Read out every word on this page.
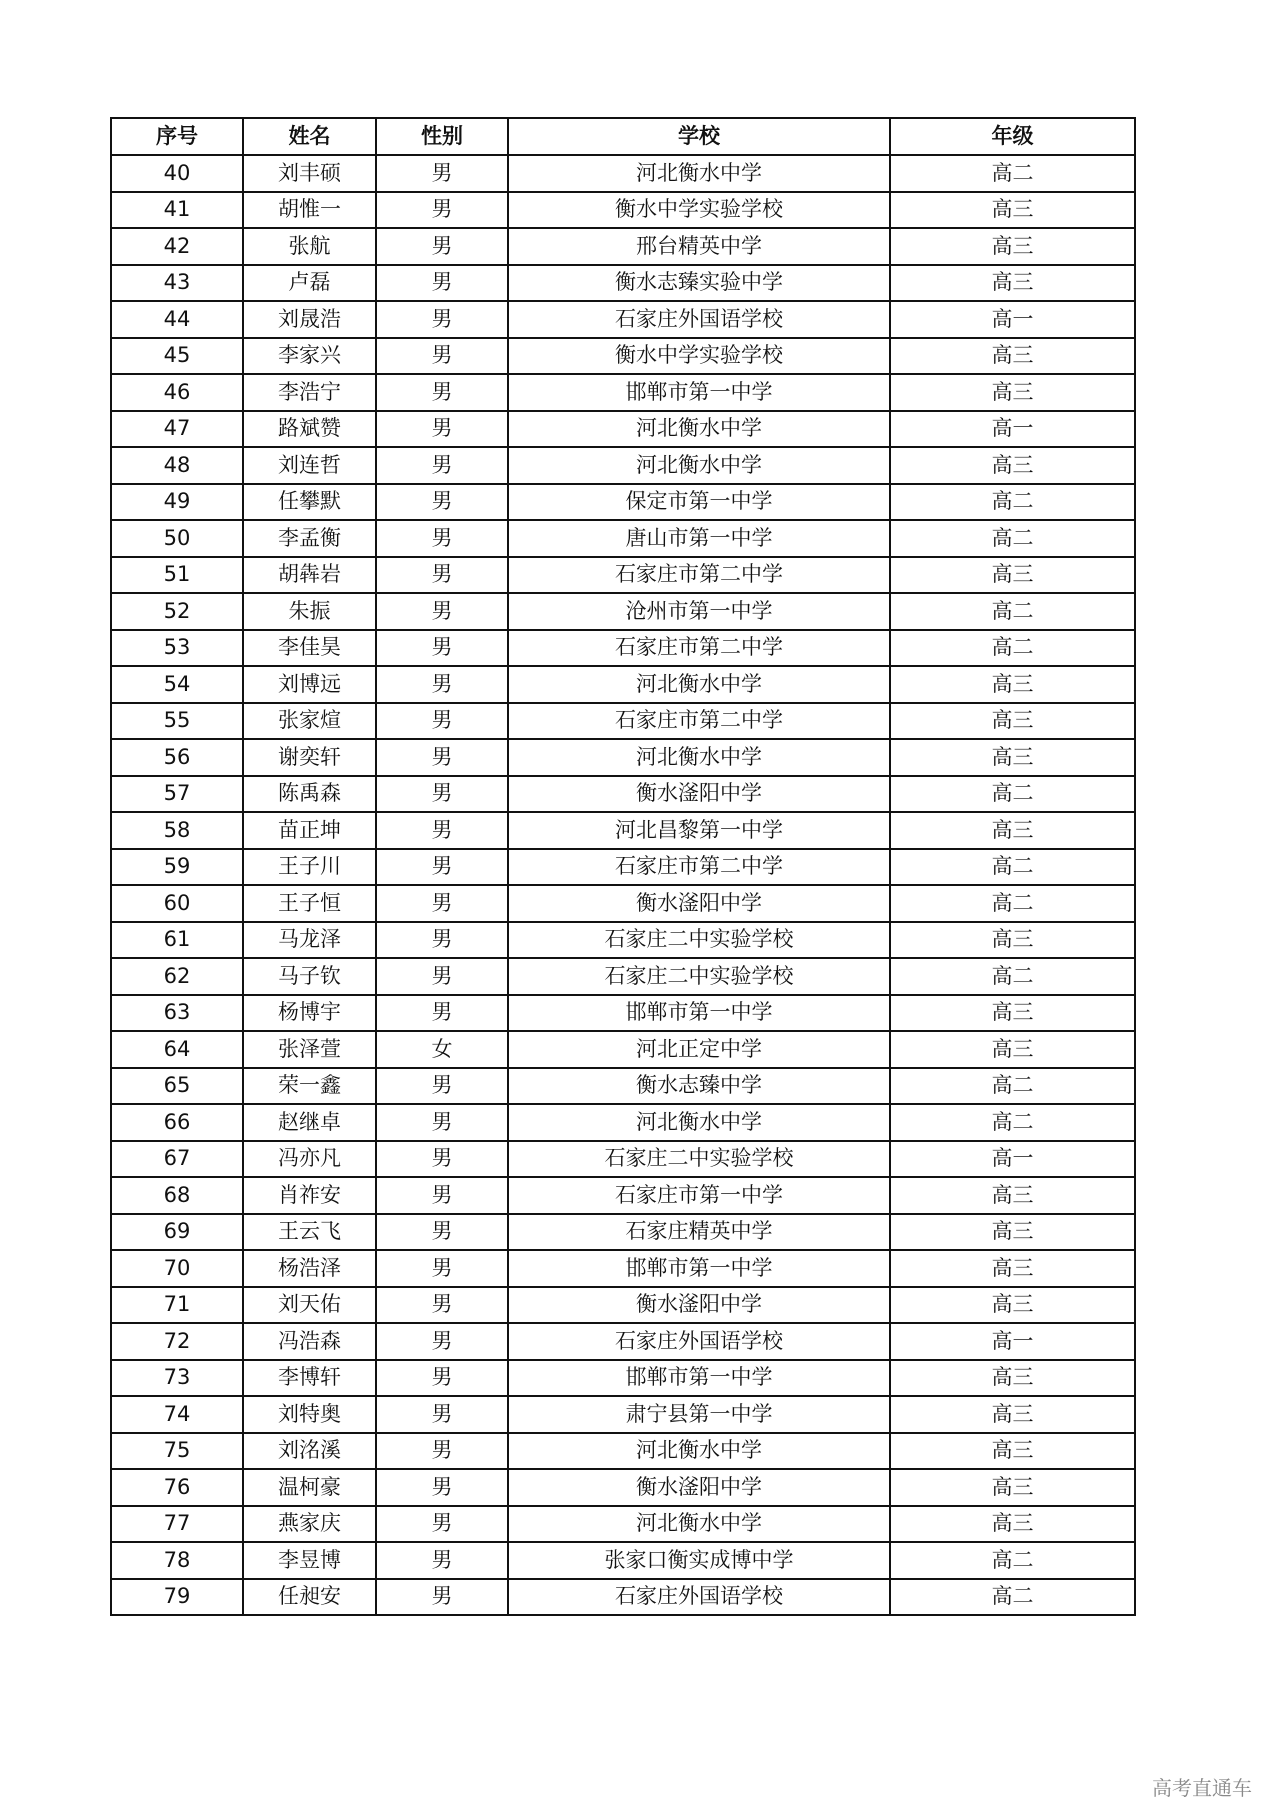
序号	姓名	性别	学校	年级
40	刘丰硕	男	河北衡水中学	高二
41	胡惟一	男	衡水中学实验学校	高三
42	张航	男	邢台精英中学	高三
43	卢磊	男	衡水志臻实验中学	高三
44	刘晟浩	男	石家庄外国语学校	高一
45	李家兴	男	衡水中学实验学校	高三
46	李浩宁	男	邯郸市第一中学	高三
47	路斌赞	男	河北衡水中学	高一
48	刘连哲	男	河北衡水中学	高三
49	任攀默	男	保定市第一中学	高二
50	李孟衡	男	唐山市第一中学	高二
51	胡犇岩	男	石家庄市第二中学	高三
52	朱振	男	沧州市第一中学	高二
53	李佳昊	男	石家庄市第二中学	高二
54	刘博远	男	河北衡水中学	高三
55	张家煊	男	石家庄市第二中学	高三
56	谢奕轩	男	河北衡水中学	高三
57	陈禹森	男	衡水滏阳中学	高二
58	苗正坤	男	河北昌黎第一中学	高三
59	王子川	男	石家庄市第二中学	高二
60	王子恒	男	衡水滏阳中学	高二
61	马龙泽	男	石家庄二中实验学校	高三
62	马子钦	男	石家庄二中实验学校	高二
63	杨博宇	男	邯郸市第一中学	高三
64	张泽萱	女	河北正定中学	高三
65	荣一鑫	男	衡水志臻中学	高二
66	赵继卓	男	河北衡水中学	高二
67	冯亦凡	男	石家庄二中实验学校	高一
68	肖祚安	男	石家庄市第一中学	高三
69	王云飞	男	石家庄精英中学	高三
70	杨浩泽	男	邯郸市第一中学	高三
71	刘天佑	男	衡水滏阳中学	高三
72	冯浩森	男	石家庄外国语学校	高一
73	李博轩	男	邯郸市第一中学	高三
74	刘特奥	男	肃宁县第一中学	高三
75	刘洺溪	男	河北衡水中学	高三
76	温柯豪	男	衡水滏阳中学	高三
77	燕家庆	男	河北衡水中学	高三
78	李昱博	男	张家口衡实成博中学	高二
79	任昶安	男	石家庄外国语学校	高二
高考直通车
